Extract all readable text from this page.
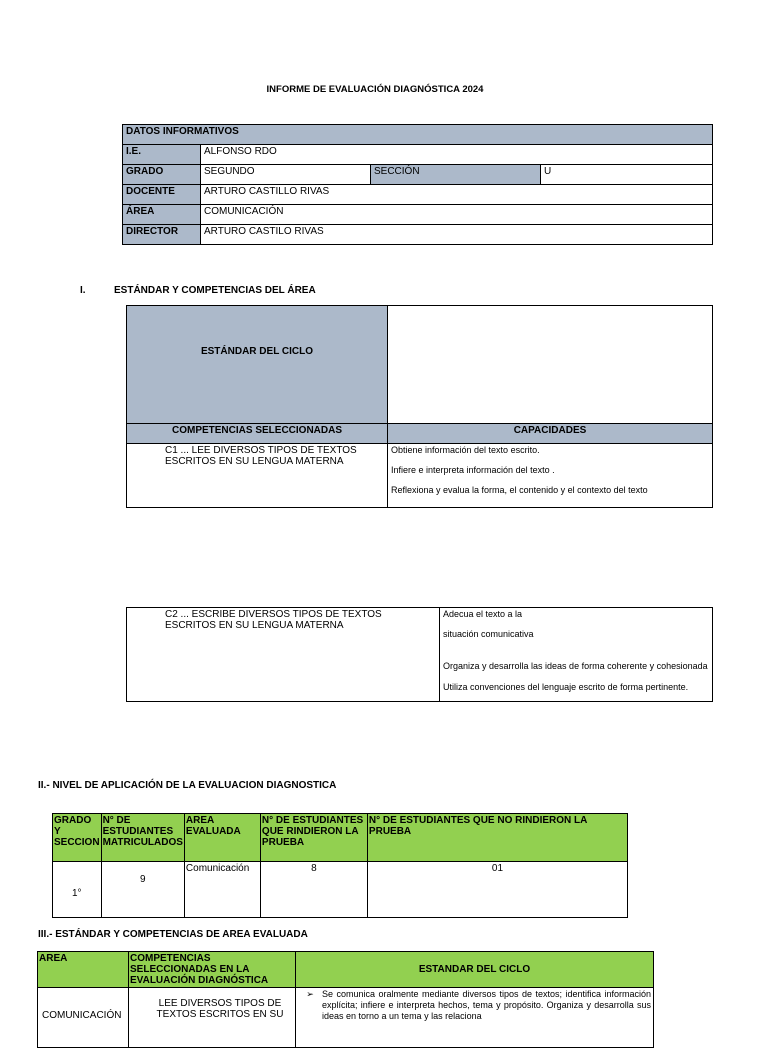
INFORME DE EVALUACIÓN DIAGNÓSTICA 2024
DATOS INFORMATIVOS			
I.E.	ALFONSO RDO		
GRADO	SEGUNDO	SECCIÓN	U
DOCENTE	ARTURO CASTILLO RIVAS		
ÁREA	COMUNICACIÓN		
DIRECTOR	ARTURO CASTILO RIVAS		
I.	ESTÁNDAR Y COMPETENCIAS DEL ÁREA
ESTÁNDAR DEL CICLO	
COMPETENCIAS SELECCIONADAS	CAPACIDADES
C1 ... LEE DIVERSOS TIPOS DE TEXTOS ESCRITOS EN SU LENGUA MATERNA	Obtiene información del texto escrito.
Infiere e interpreta información del texto .
Reflexiona y evalua la forma, el contenido y el contexto del texto
C2 ... ESCRIBE DIVERSOS TIPOS DE TEXTOS ESCRITOS EN SU LENGUA MATERNA	
Adecua el texto a la
situación comunicativa
Organiza y desarrolla las ideas de forma coherente y cohesionada
Utiliza convenciones del lenguaje escrito de forma pertinente.
II.- NIVEL DE APLICACIÓN DE LA EVALUACION DIAGNOSTICA
GRADO Y SECCION	N° DE ESTUDIANTES MATRICULADOS	AREA EVALUADA	N° DE ESTUDIANTES QUE RINDIERON LA PRUEBA	N° DE ESTUDIANTES QUE NO RINDIERON LA PRUEBA
1°	9	Comunicación	8	01
III.- ESTÁNDAR Y COMPETENCIAS DE AREA EVALUADA
AREA	COMPETENCIAS SELECCIONADAS EN LA EVALUACIÓN DIAGNÓSTICA	ESTANDAR DEL CICLO
COMUNICACIÓN	LEE DIVERSOS TIPOS DE TEXTOS ESCRITOS EN SU	➢ Se comunica oralmente mediante diversos tipos de textos; identifica información explícita; infiere e interpreta hechos, tema y propósito. Organiza y desarrolla sus ideas en torno a un tema y las relaciona
